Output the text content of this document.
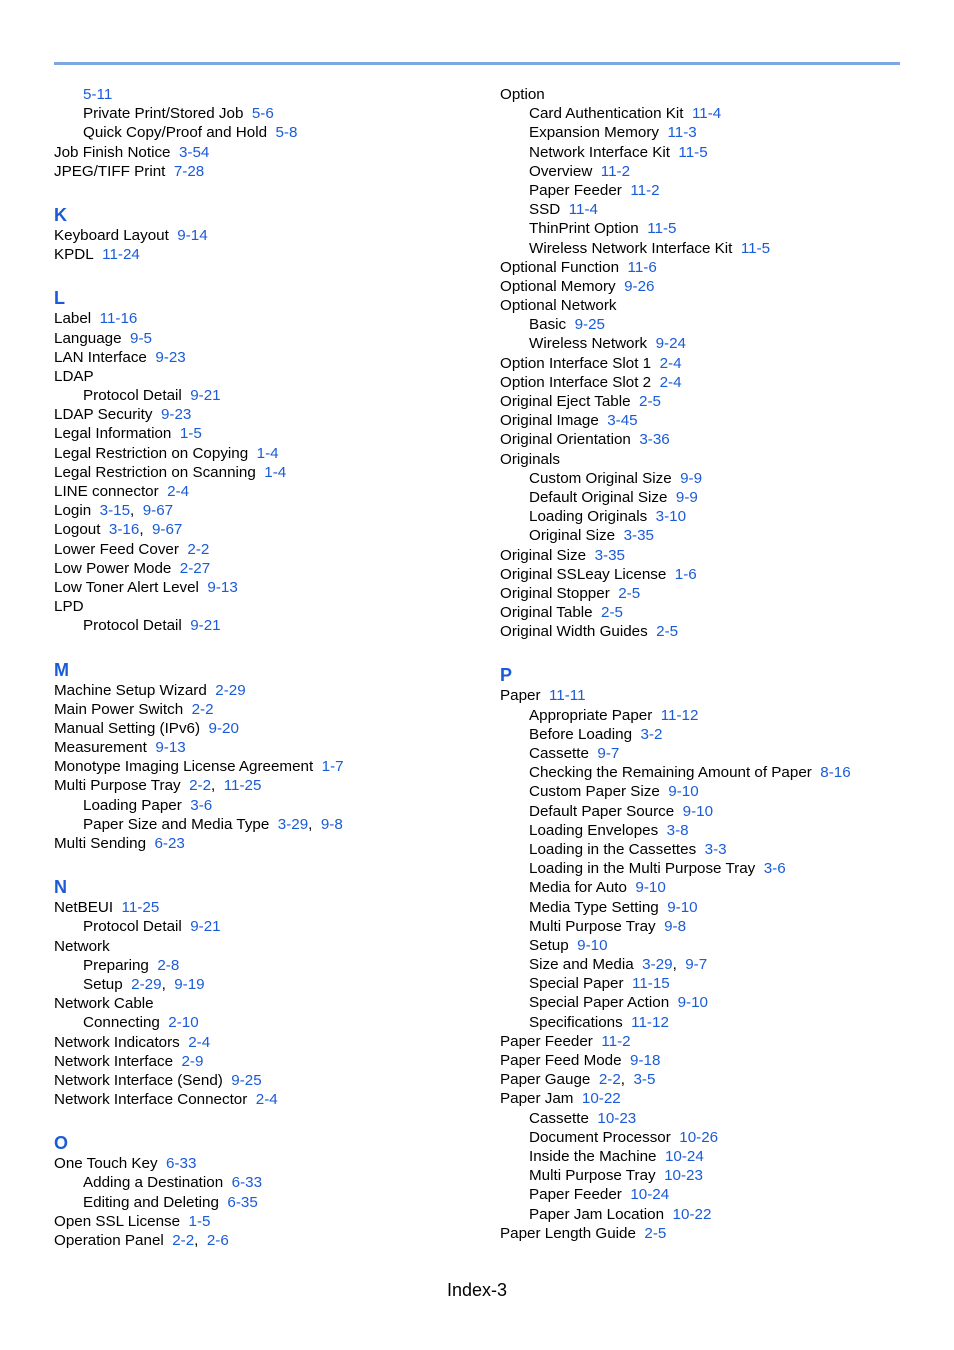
5-11
Private Print/Stored Job 5-6
Quick Copy/Proof and Hold 5-8
Job Finish Notice 3-54
JPEG/TIFF Print 7-28
K
Keyboard Layout 9-14
KPDL 11-24
L
Label 11-16
Language 9-5
LAN Interface 9-23
LDAP
Protocol Detail 9-21
LDAP Security 9-23
Legal Information 1-5
Legal Restriction on Copying 1-4
Legal Restriction on Scanning 1-4
LINE connector 2-4
Login 3-15,  9-67
Logout 3-16,  9-67
Lower Feed Cover 2-2
Low Power Mode 2-27
Low Toner Alert Level 9-13
LPD
Protocol Detail 9-21
M
Machine Setup Wizard 2-29
Main Power Switch 2-2
Manual Setting (IPv6) 9-20
Measurement 9-13
Monotype Imaging License Agreement 1-7
Multi Purpose Tray 2-2,  11-25
Loading Paper 3-6
Paper Size and Media Type 3-29,  9-8
Multi Sending 6-23
N
NetBEUI 11-25
Protocol Detail 9-21
Network
Preparing 2-8
Setup 2-29,  9-19
Network Cable
Connecting 2-10
Network Indicators 2-4
Network Interface 2-9
Network Interface (Send) 9-25
Network Interface Connector 2-4
O
One Touch Key 6-33
Adding a Destination 6-33
Editing and Deleting 6-35
Open SSL License 1-5
Operation Panel 2-2,  2-6
Option
Card Authentication Kit 11-4
Expansion Memory 11-3
Network Interface Kit 11-5
Overview 11-2
Paper Feeder 11-2
SSD 11-4
ThinPrint Option 11-5
Wireless Network Interface Kit 11-5
Optional Function 11-6
Optional Memory 9-26
Optional Network
Basic 9-25
Wireless Network 9-24
Option Interface Slot 1 2-4
Option Interface Slot 2 2-4
Original Eject Table 2-5
Original Image 3-45
Original Orientation 3-36
Originals
Custom Original Size 9-9
Default Original Size 9-9
Loading Originals 3-10
Original Size 3-35
Original Size 3-35
Original SSLeay License 1-6
Original Stopper 2-5
Original Table 2-5
Original Width Guides 2-5
P
Paper 11-11
Appropriate Paper 11-12
Before Loading 3-2
Cassette 9-7
Checking the Remaining Amount of Paper 8-16
Custom Paper Size 9-10
Default Paper Source 9-10
Loading Envelopes 3-8
Loading in the Cassettes 3-3
Loading in the Multi Purpose Tray 3-6
Media for Auto 9-10
Media Type Setting 9-10
Multi Purpose Tray 9-8
Setup 9-10
Size and Media 3-29,  9-7
Special Paper 11-15
Special Paper Action 9-10
Specifications 11-12
Paper Feeder 11-2
Paper Feed Mode 9-18
Paper Gauge 2-2,  3-5
Paper Jam 10-22
Cassette 10-23
Document Processor 10-26
Inside the Machine 10-24
Multi Purpose Tray 10-23
Paper Feeder 10-24
Paper Jam Location 10-22
Paper Length Guide 2-5
Index-3
